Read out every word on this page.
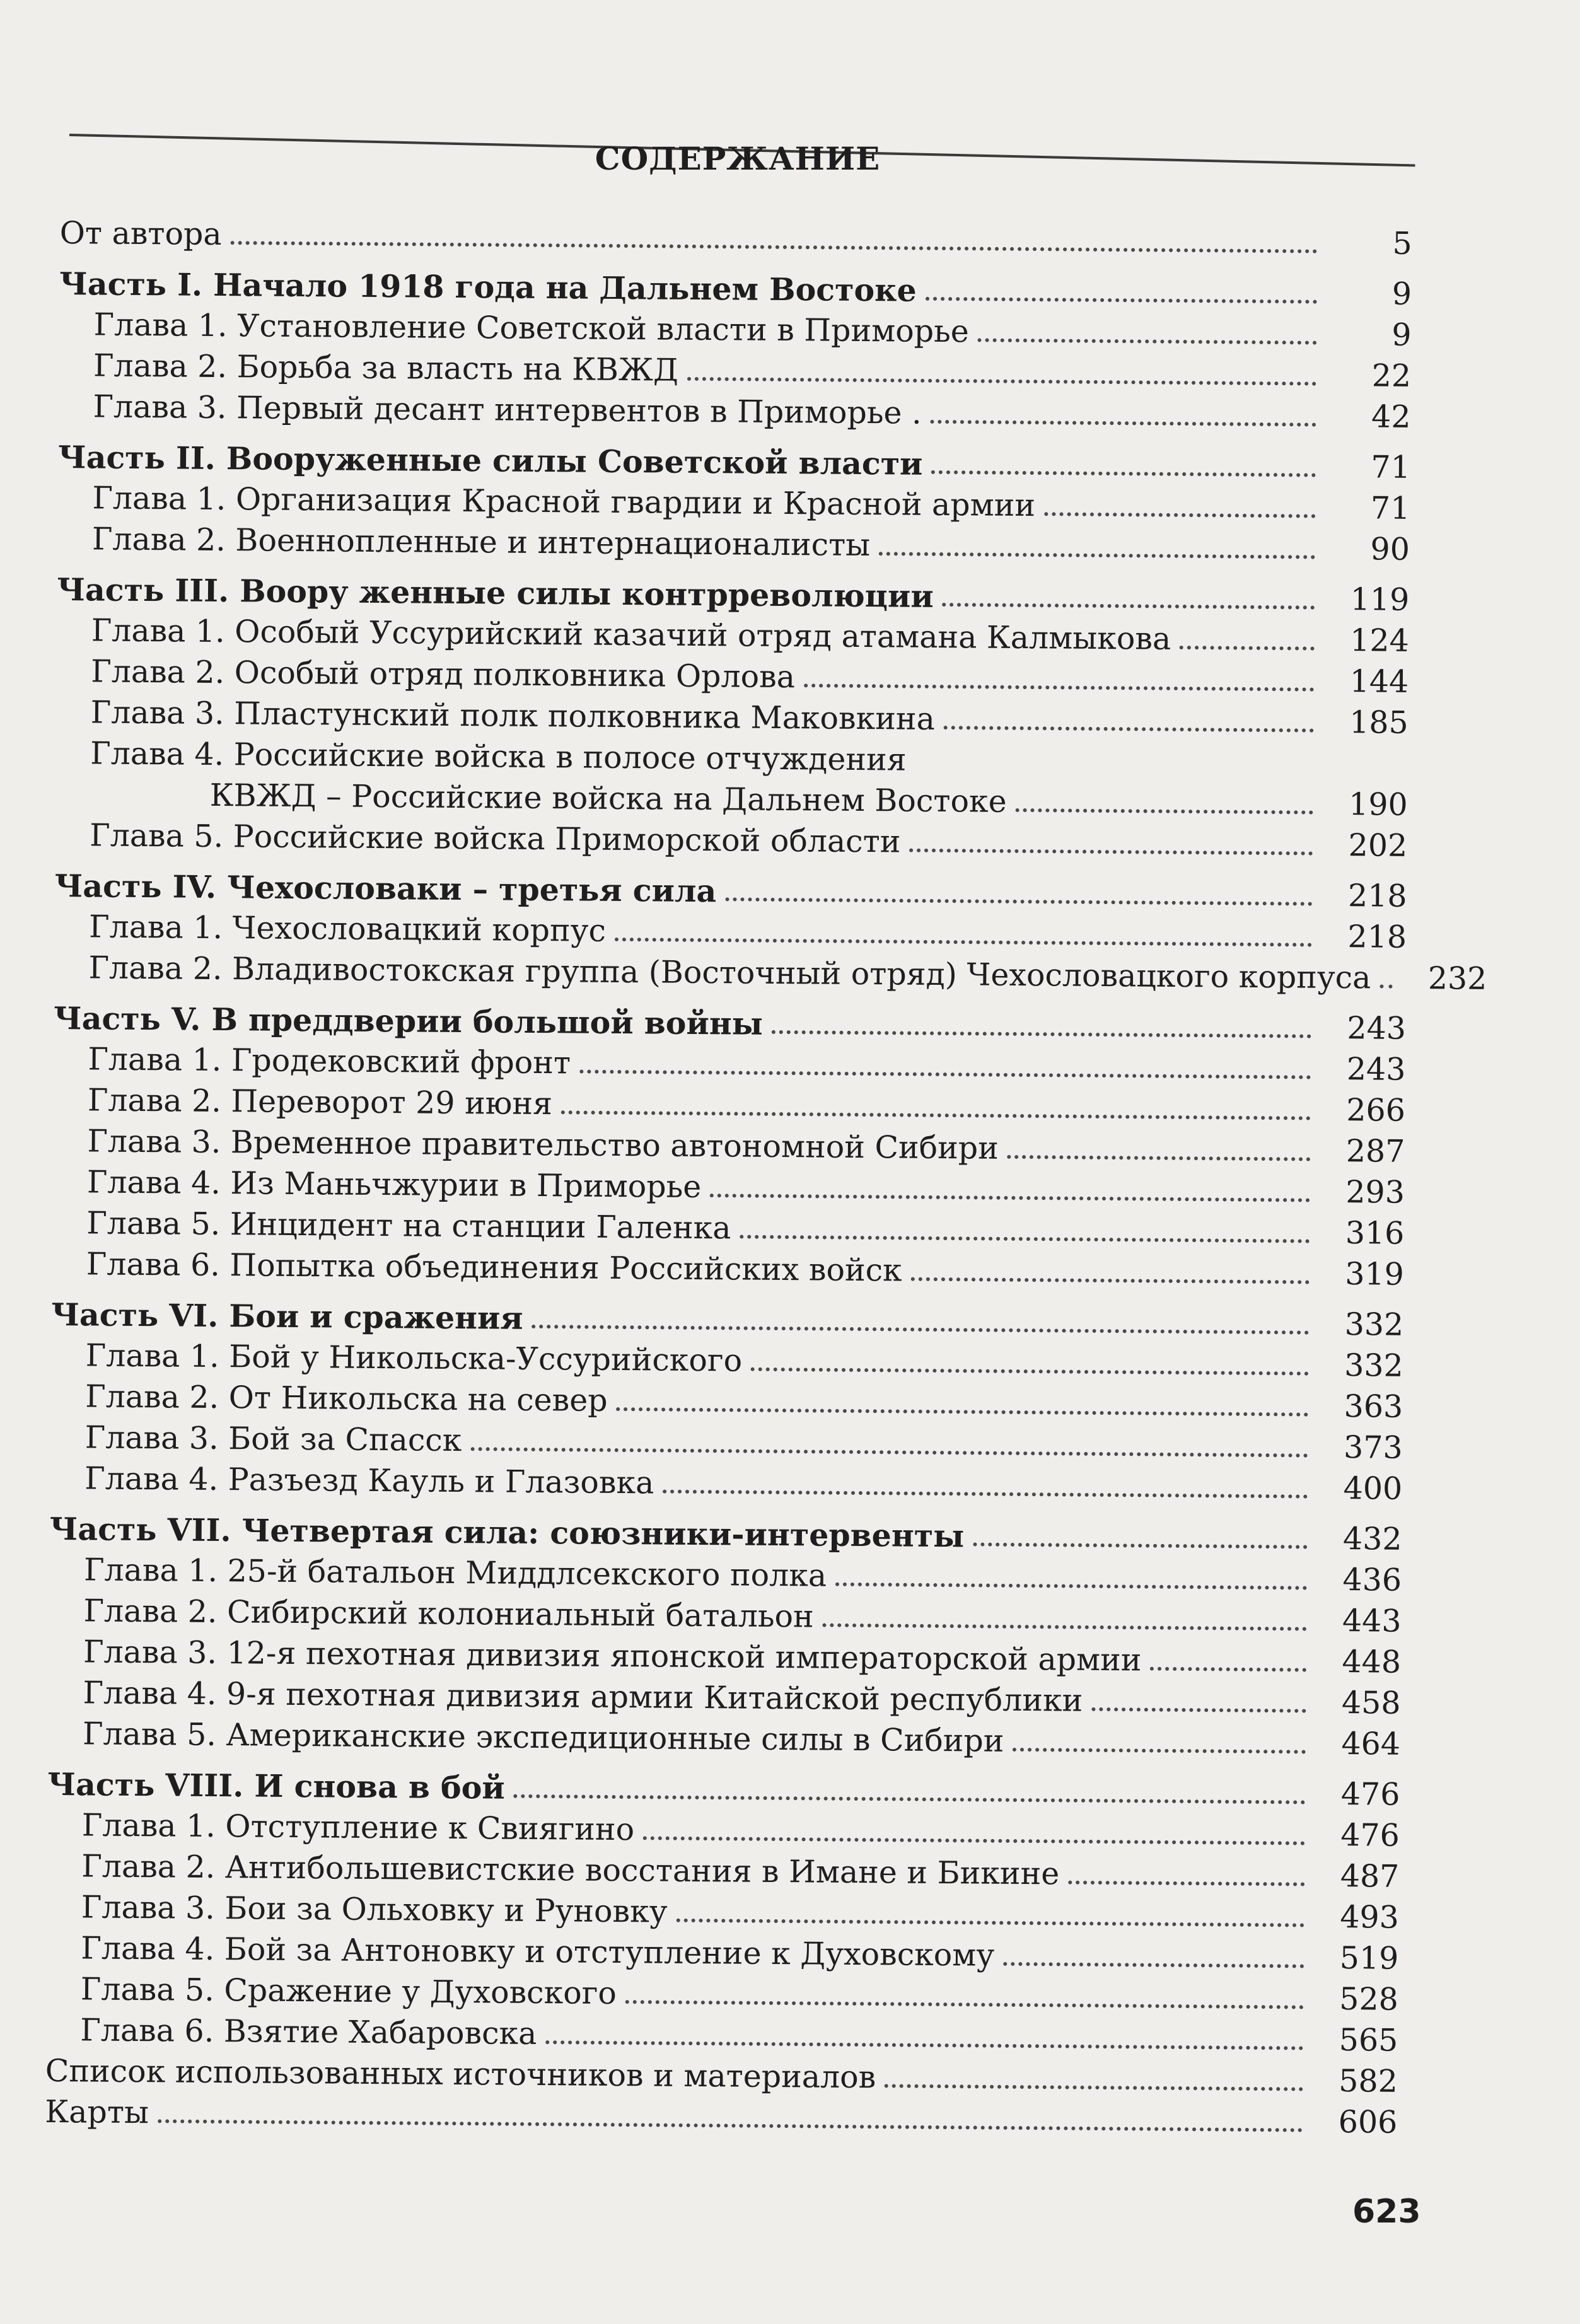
СОДЕРЖАНИЕ
От автора	5
Часть I. Начало 1918 года на Дальнем Востоке	9
Глава 1. Установление Советской власти в Приморье	9
Глава 2. Борьба за власть на КВЖД	22
Глава 3. Первый десант интервентов в Приморье .	42
Часть II. Вооруженные силы Советской власти	71
Глава 1. Организация Красной гвардии и Красной армии	71
Глава 2. Военнопленные и интернационалисты	90
Часть III. Воору женные силы контрреволюции	119
Глава 1. Особый Уссурийский казачий отряд атамана Калмыкова	124
Глава 2. Особый отряд полковника Орлова	144
Глава 3. Пластунский полк полковника Маковкина	185
Глава 4. Российские войска в полосе отчуждения
КВЖД – Российские войска на Дальнем Востоке	190
Глава 5. Российские войска Приморской области	202
Часть IV. Чехословаки – третья сила	218
Глава 1. Чехословацкий корпус	218
Глава 2. Владивостокская группа (Восточный отряд) Чехословацкого корпуса	232
Часть V. В преддверии большой войны	243
Глава 1. Гродековский фронт	243
Глава 2. Переворот 29 июня	266
Глава 3. Временное правительство автономной Сибири	287
Глава 4. Из Маньчжурии в Приморье	293
Глава 5. Инцидент на станции Галенка	316
Глава 6. Попытка объединения Российских войск	319
Часть VI. Бои и сражения	332
Глава 1. Бой у Никольска-Уссурийского	332
Глава 2. От Никольска на север	363
Глава 3. Бой за Спасск	373
Глава 4. Разъезд Кауль и Глазовка	400
Часть VII. Четвертая сила: союзники-интервенты	432
Глава 1. 25-й батальон Миддлсекского полка	436
Глава 2. Сибирский колониальный батальон	443
Глава 3. 12-я пехотная дивизия японской императорской армии	448
Глава 4. 9-я пехотная дивизия армии Китайской республики	458
Глава 5. Американские экспедиционные силы в Сибири	464
Часть VIII. И снова в бой	476
Глава 1. Отступление к Свиягино	476
Глава 2. Антибольшевистские восстания в Имане и Бикине	487
Глава 3. Бои за Ольховку и Руновку	493
Глава 4. Бой за Антоновку и отступление к Духовскому	519
Глава 5. Сражение у Духовского	528
Глава 6. Взятие Хабаровска	565
Список использованных источников и материалов	582
Карты	606
623
